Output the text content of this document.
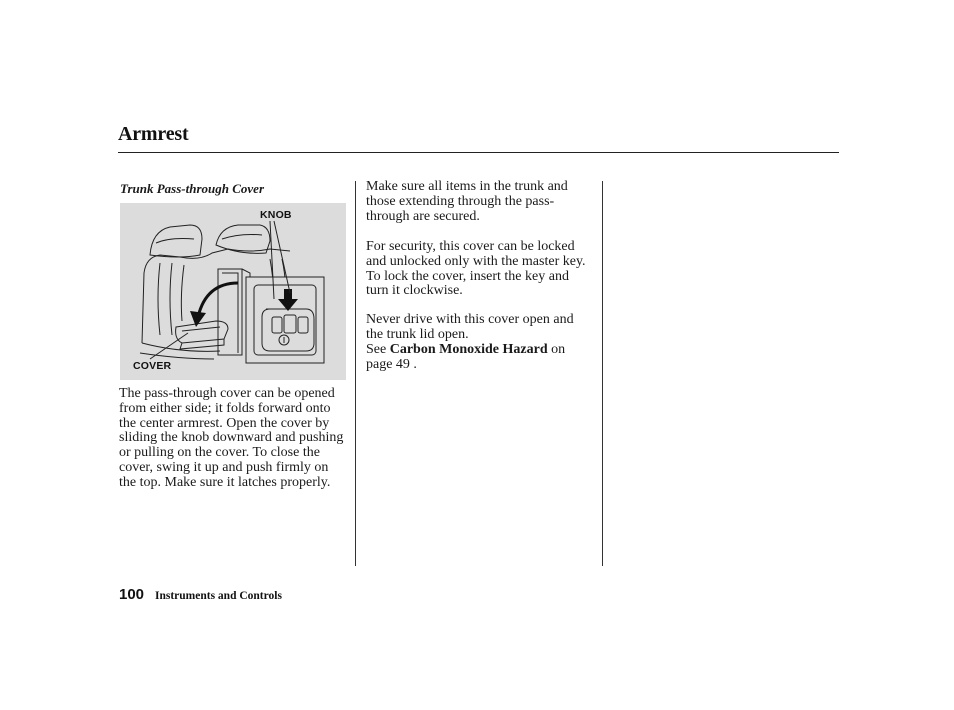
Armrest
Trunk Pass-through Cover
KNOB
COVER

The pass-through cover can be opened from either side; it folds forward onto the center armrest. Open the cover by sliding the knob downward and pushing or pulling on the cover. To close the cover, swing it up and push firmly on the top. Make sure it latches properly.

Make sure all items in the trunk and those extending through the pass-through are secured.

For security, this cover can be locked and unlocked only with the master key. To lock the cover, insert the key and turn it clockwise.

Never drive with this cover open and the trunk lid open.

See Carbon Monoxide Hazard on
page 49 .

100 Instruments and Controls
